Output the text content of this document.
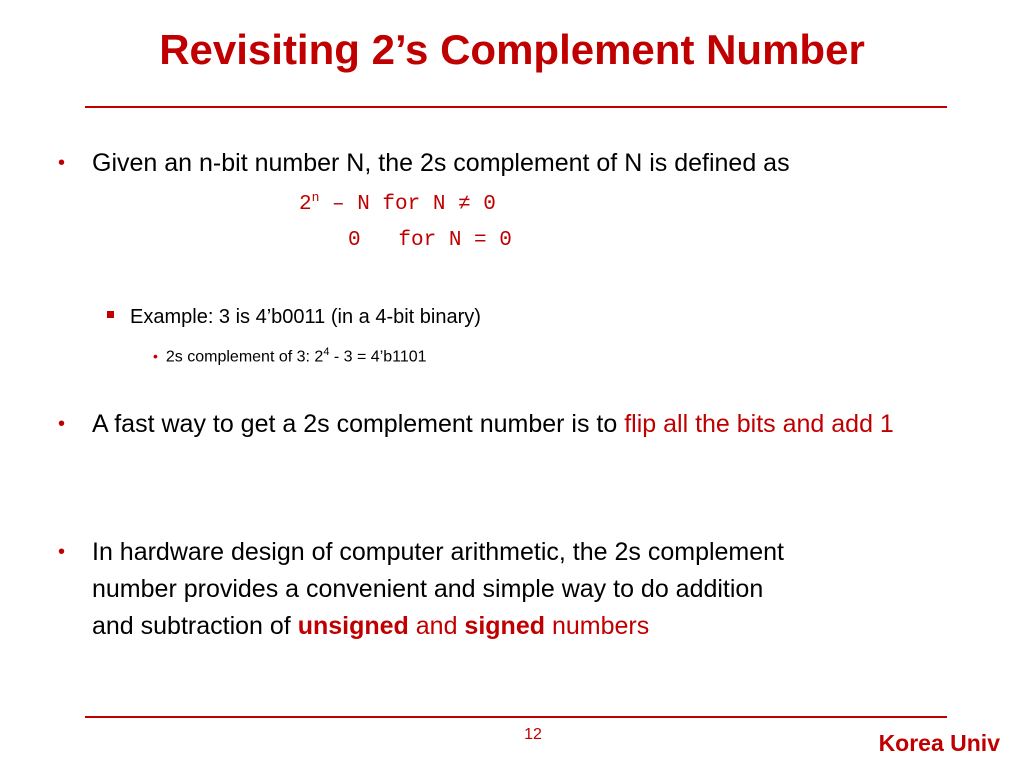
Revisiting 2’s Complement Number
•	Given an n-bit number N, the 2s complement of N is defined as
2$^n$ – N for N ≠ 0
0   for N = 0
Example: 3 is 4’b0011 (in a 4-bit binary)
• 2s complement of 3: $2^4 - 3$ = 4’b1101
•	A fast way to get a 2s complement number is to flip all the bits and add 1
•	In hardware design of computer arithmetic, the 2s complement
number provides a convenient and simple way to do addition
and subtraction of unsigned and signed numbers
12	Korea Univ
